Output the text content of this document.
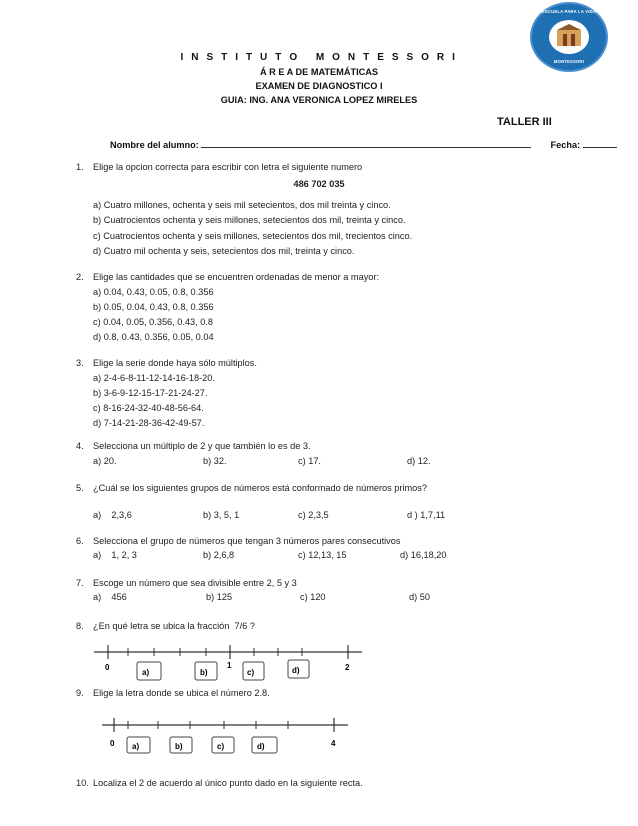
ESCUELA PARA LA VIDA
MONTESSORI
I N S T I T U T O   M O N T E S S O R I
Á R E A DE MATEMÁTICAS
EXAMEN DE DIAGNOSTICO I
GUIA: ING. ANA VERONICA LOPEZ MIRELES
TALLER III
Nombre del alumno:	Fecha:
1. Elige la opcion correcta para escribir con letra el siguiente numero
486 702 035
a) Cuatro millones, ochenta y seis mil setecientos, dos mil treinta y cinco.
b) Cuatrocientos ochenta y seis millones, setecientos dos mil, treinta y cinco.
c) Cuatrocientos ochenta y seis millones, setecientos dos mil, trecientos cinco.
d) Cuatro mil ochenta y seis, setecientos dos mil, treinta y cinco.
2. Elige las cantidades que se encuentren ordenadas de menor a mayor:
a) 0.04, 0.43, 0.05, 0.8, 0.356
b) 0.05, 0.04, 0.43, 0.8, 0.356
c) 0.04, 0.05, 0.356, 0.43, 0.8
d) 0.8, 0.43, 0.356, 0.05, 0.04
3. Elige la serie donde haya sólo múltiplos.
a) 2-4-6-8-11-12-14-16-18-20.
b) 3-6-9-12-15-17-21-24-27.
c) 8-16-24-32-40-48-56-64.
d) 7-14-21-28-36-42-49-57.
4. Selecciona un múltiplo de 2 y que también lo es de 3.
a) 20.	b) 32.	c) 17.	d) 12.
5. ¿Cuál se los siguientes grupos de números está conformado de números primos?
a)    2,3,6	b) 3, 5, 1	c) 2,3,5	d ) 1,7,11
6. Selecciona el grupo de números que tengan 3 números pares consecutivos
a)    1, 2, 3	b) 2,6,8	c) 12,13, 15	d) 16,18,20
7. Escoge un número que sea divisible entre 2, 5 y 3
a)    456	b) 125	c) 120	d) 50
8. ¿En qué letra se ubica la fracción  7/6 ?
0	1	2
a)	b)	c)	d)
9. Elige la letra donde se ubica el número 2.8.
0	4
a)	b)	c)	d)
10. Localiza el 2 de acuerdo al único punto dado en la siguiente recta.
